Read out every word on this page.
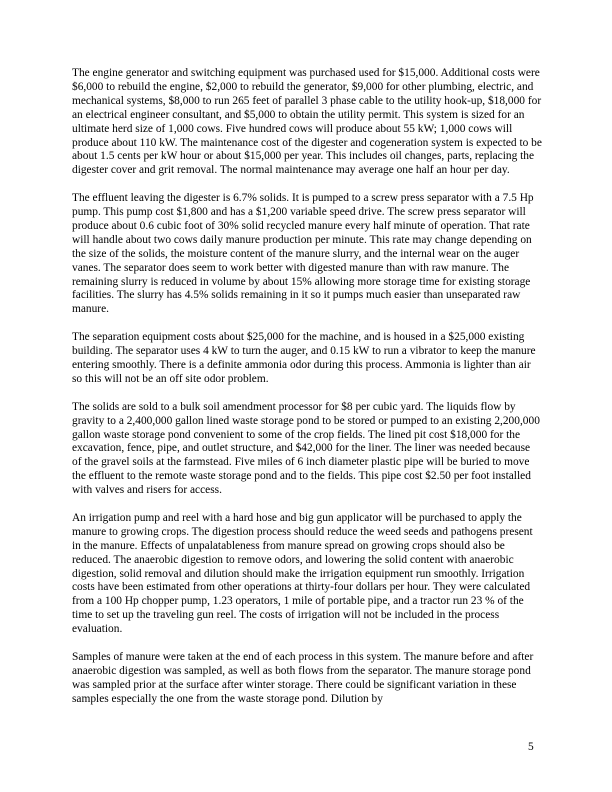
The engine generator and switching equipment was purchased used for $15,000. Additional costs were $6,000 to rebuild the engine, $2,000 to rebuild the generator, $9,000 for other plumbing, electric, and mechanical systems, $8,000 to run 265 feet of parallel 3 phase cable to the utility hook-up, $18,000 for an electrical engineer consultant, and $5,000 to obtain the utility permit. This system is sized for an ultimate herd size of 1,000 cows. Five hundred cows will produce about 55 kW; 1,000 cows will produce about 110 kW. The maintenance cost of the digester and cogeneration system is expected to be about 1.5 cents per kW hour or about $15,000 per year. This includes oil changes, parts, replacing the digester cover and grit removal. The normal maintenance may average one half an hour per day.

The effluent leaving the digester is 6.7% solids. It is pumped to a screw press separator with a 7.5 Hp pump. This pump cost $1,800 and has a $1,200 variable speed drive. The screw press separator will produce about 0.6 cubic foot of 30% solid recycled manure every half minute of operation. That rate will handle about two cows daily manure production per minute. This rate may change depending on the size of the solids, the moisture content of the manure slurry, and the internal wear on the auger vanes. The separator does seem to work better with digested manure than with raw manure. The remaining slurry is reduced in volume by about 15% allowing more storage time for existing storage facilities. The slurry has 4.5% solids remaining in it so it pumps much easier than unseparated raw manure.

The separation equipment costs about $25,000 for the machine, and is housed in a $25,000 existing building. The separator uses 4 kW to turn the auger, and 0.15 kW to run a vibrator to keep the manure entering smoothly. There is a definite ammonia odor during this process. Ammonia is lighter than air so this will not be an off site odor problem.

The solids are sold to a bulk soil amendment processor for $8 per cubic yard. The liquids flow by gravity to a 2,400,000 gallon lined waste storage pond to be stored or pumped to an existing 2,200,000 gallon waste storage pond convenient to some of the crop fields. The lined pit cost $18,000 for the excavation, fence, pipe, and outlet structure, and $42,000 for the liner. The liner was needed because of the gravel soils at the farmstead. Five miles of 6 inch diameter plastic pipe will be buried to move the effluent to the remote waste storage pond and to the fields. This pipe cost $2.50 per foot installed with valves and risers for access.

An irrigation pump and reel with a hard hose and big gun applicator will be purchased to apply the manure to growing crops. The digestion process should reduce the weed seeds and pathogens present in the manure. Effects of unpalatableness from manure spread on growing crops should also be reduced. The anaerobic digestion to remove odors, and lowering the solid content with anaerobic digestion, solid removal and dilution should make the irrigation equipment run smoothly. Irrigation costs have been estimated from other operations at thirty-four dollars per hour. They were calculated from a 100 Hp chopper pump, 1.23 operators, 1 mile of portable pipe, and a tractor run 23 % of the time to set up the traveling gun reel. The costs of irrigation will not be included in the process evaluation.

Samples of manure were taken at the end of each process in this system. The manure before and after anaerobic digestion was sampled, as well as both flows from the separator. The manure storage pond was sampled prior at the surface after winter storage. There could be significant variation in these samples especially the one from the waste storage pond. Dilution by

5
